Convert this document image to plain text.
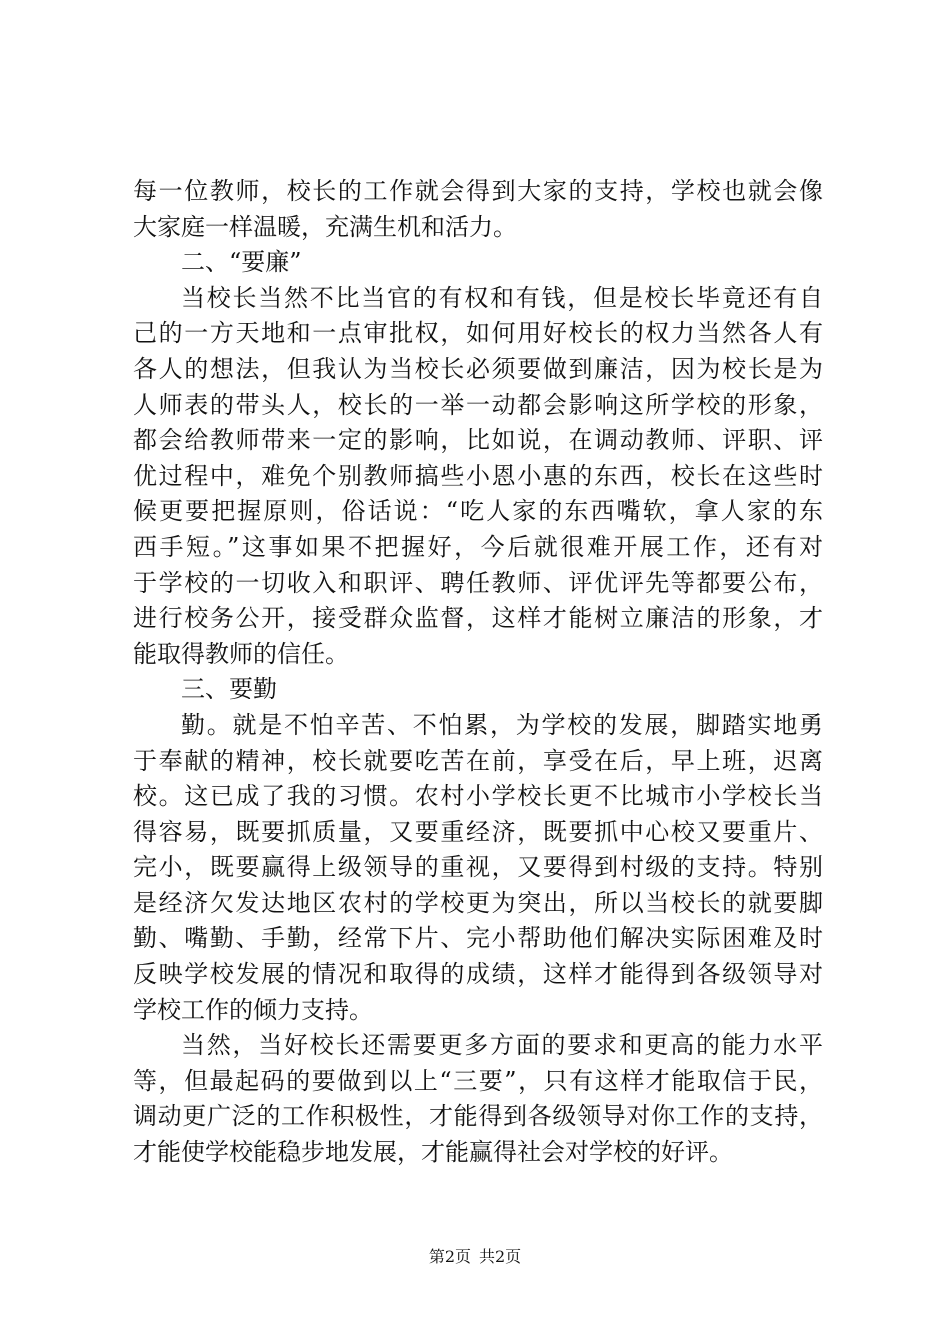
每一位教师，校长的工作就会得到大家的支持，学校也就会像
大家庭一样温暖，充满生机和活力。
二、“要廉”
当校长当然不比当官的有权和有钱，但是校长毕竟还有自
己的一方天地和一点审批权，如何用好校长的权力当然各人有
各人的想法，但我认为当校长必须要做到廉洁，因为校长是为
人师表的带头人，校长的一举一动都会影响这所学校的形象，
都会给教师带来一定的影响，比如说，在调动教师、评职、评
优过程中，难免个别教师搞些小恩小惠的东西，校长在这些时
候更要把握原则，俗话说：“吃人家的东西嘴软，拿人家的东
西手短。”这事如果不把握好，今后就很难开展工作，还有对
于学校的一切收入和职评、聘任教师、评优评先等都要公布，
进行校务公开，接受群众监督，这样才能树立廉洁的形象，才
能取得教师的信任。
三、要勤
勤。就是不怕辛苦、不怕累，为学校的发展，脚踏实地勇
于奉献的精神，校长就要吃苦在前，享受在后，早上班，迟离
校。这已成了我的习惯。农村小学校长更不比城市小学校长当
得容易，既要抓质量，又要重经济，既要抓中心校又要重片、
完小，既要赢得上级领导的重视，又要得到村级的支持。特别
是经济欠发达地区农村的学校更为突出，所以当校长的就要脚
勤、嘴勤、手勤，经常下片、完小帮助他们解决实际困难及时
反映学校发展的情况和取得的成绩，这样才能得到各级领导对
学校工作的倾力支持。
当然，当好校长还需要更多方面的要求和更高的能力水平
等，但最起码的要做到以上“三要”，只有这样才能取信于民，
调动更广泛的工作积极性，才能得到各级领导对你工作的支持，
才能使学校能稳步地发展，才能赢得社会对学校的好评。
第2页 共2页
